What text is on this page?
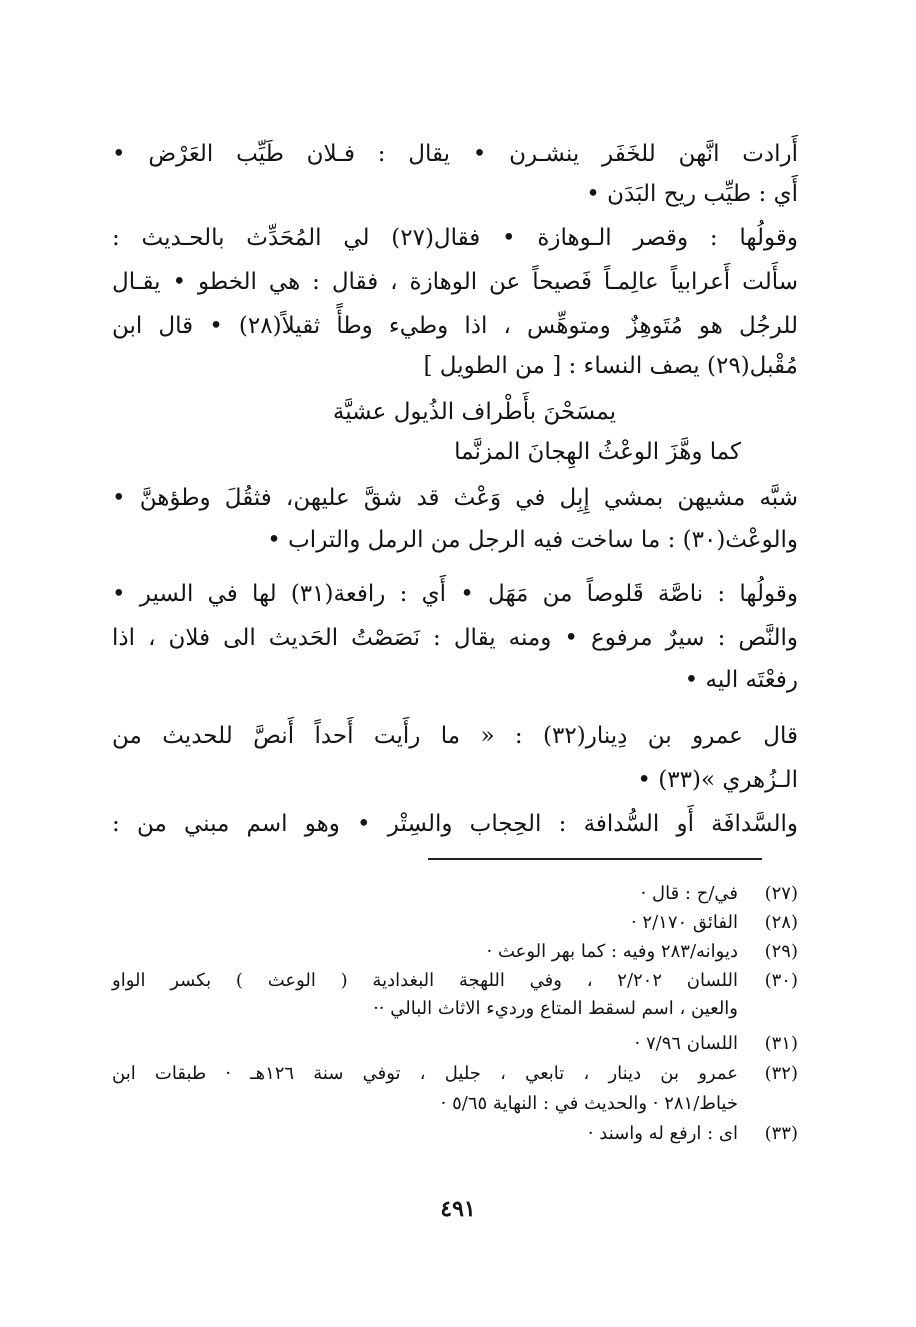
أَرادت انَّهن للخَفَر ينشـرن • يقال : فـلان طَيِّب العَرْض •
أَي : طيِّب ريح البَدَن •
وقولُها : وقصر الـوهازة • فقال(٢٧) لي المُحَدِّث بالحـديث :
سأَلت أَعرابياً عالِمـاً فَصيحاً عن الوهازة ، فقال : هي الخطو • يقـال
للرجُل هو مُتَوهِزٌ ومتوهِّس ، اذا وطيء وطأً ثقيلاً(٢٨) • قال ابن
مُقْبل(٢٩) يصف النساء : [ من الطويل ]
يمسَحْنَ بأَطْراف الذُيول عشيَّة
كما وهَّزَ الوعْثُ الهِجانَ المزنَّما
شبَّه مشيهن بمشي إِبِل في وَعْث قد شقَّ عليهن، فثقُلَ وطؤهنَّ •
والوعْث(٣٠) : ما ساخت فيه الرجل من الرمل والتراب •
وقولُها : ناصَّة قَلوصاً من مَهَل • أَي : رافعة(٣١) لها في السير •
والنَّص : سيرٌ مرفوع • ومنه يقال : نَصَصْتُ الحَديث الى فلان ، اذا
رفعْتَه اليه •
قال عمرو بن دِينار(٣٢) : « ما رأَيت أَحداً أَنصَّ للحديث من
الـزُهري »(٣٣) •
والسَّدافَة أَو السُّدافة : الحِجاب والسِتْر • وهو اسم مبني من :
(٢٧)
في/ح : قال ·
(٢٨)
الفائق ٢/١٧٠ ·
(٢٩)
ديوانه/٢٨٣ وفيه : كما بهر الوعث ·
(٣٠)
اللسان ٢/٢٠٢ ، وفي اللهجة البغدادية ( الوعث ) بكسر الواو
والعين ، اسم لسقط المتاع ورديء الاثاث البالي ··
(٣١)
اللسان ٧/٩٦ ·
(٣٢)
عمرو بن دينار ، تابعي ، جليل ، توفي سنة ١٢٦هـ · طبقات ابن
خياط/٢٨١ · والحديث في : النهاية ٥/٦٥ ·
(٣٣)
اى : ارفع له واسند ·
٤٩١
